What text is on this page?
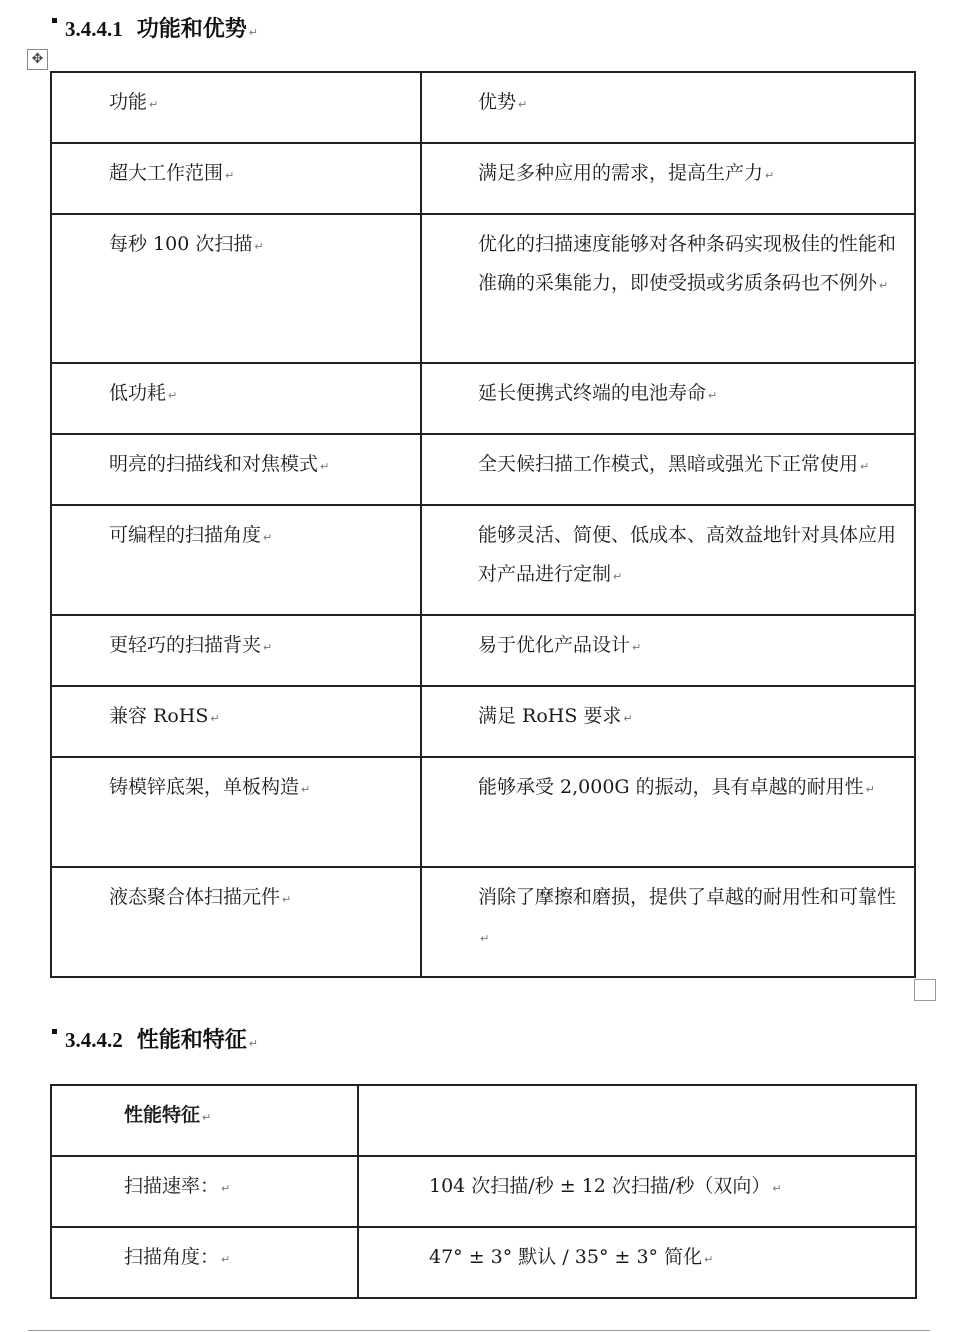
3.4.4.1 功能和优势 ↵
✥
功能 ↵	优势 ↵
超大工作范围 ↵	满足多种应用的需求，提高生产力 ↵
每秒 100 次扫描 ↵	优化的扫描速度能够对各种条码实现极佳的性能和准确的采集能力，即使受损或劣质条码也不例外 ↵
低功耗 ↵	延长便携式终端的电池寿命 ↵
明亮的扫描线和对焦模式 ↵	全天候扫描工作模式，黑暗或强光下正常使用 ↵
可编程的扫描角度 ↵	能够灵活、简便、低成本、高效益地针对具体应用对产品进行定制 ↵
更轻巧的扫描背夹 ↵	易于优化产品设计 ↵
兼容 RoHS ↵	满足 RoHS 要求 ↵
铸模锌底架，单板构造 ↵	能够承受 2,000G 的振动，具有卓越的耐用性 ↵
液态聚合体扫描元件 ↵	消除了摩擦和磨损，提供了卓越的耐用性和可靠性↵
3.4.4.2 性能和特征 ↵
性能特征 ↵	
扫描速率： ↵	104 次扫描/秒 ± 12 次扫描/秒（双向） ↵
扫描角度： ↵	47° ± 3° 默认 / 35° ± 3° 简化 ↵
